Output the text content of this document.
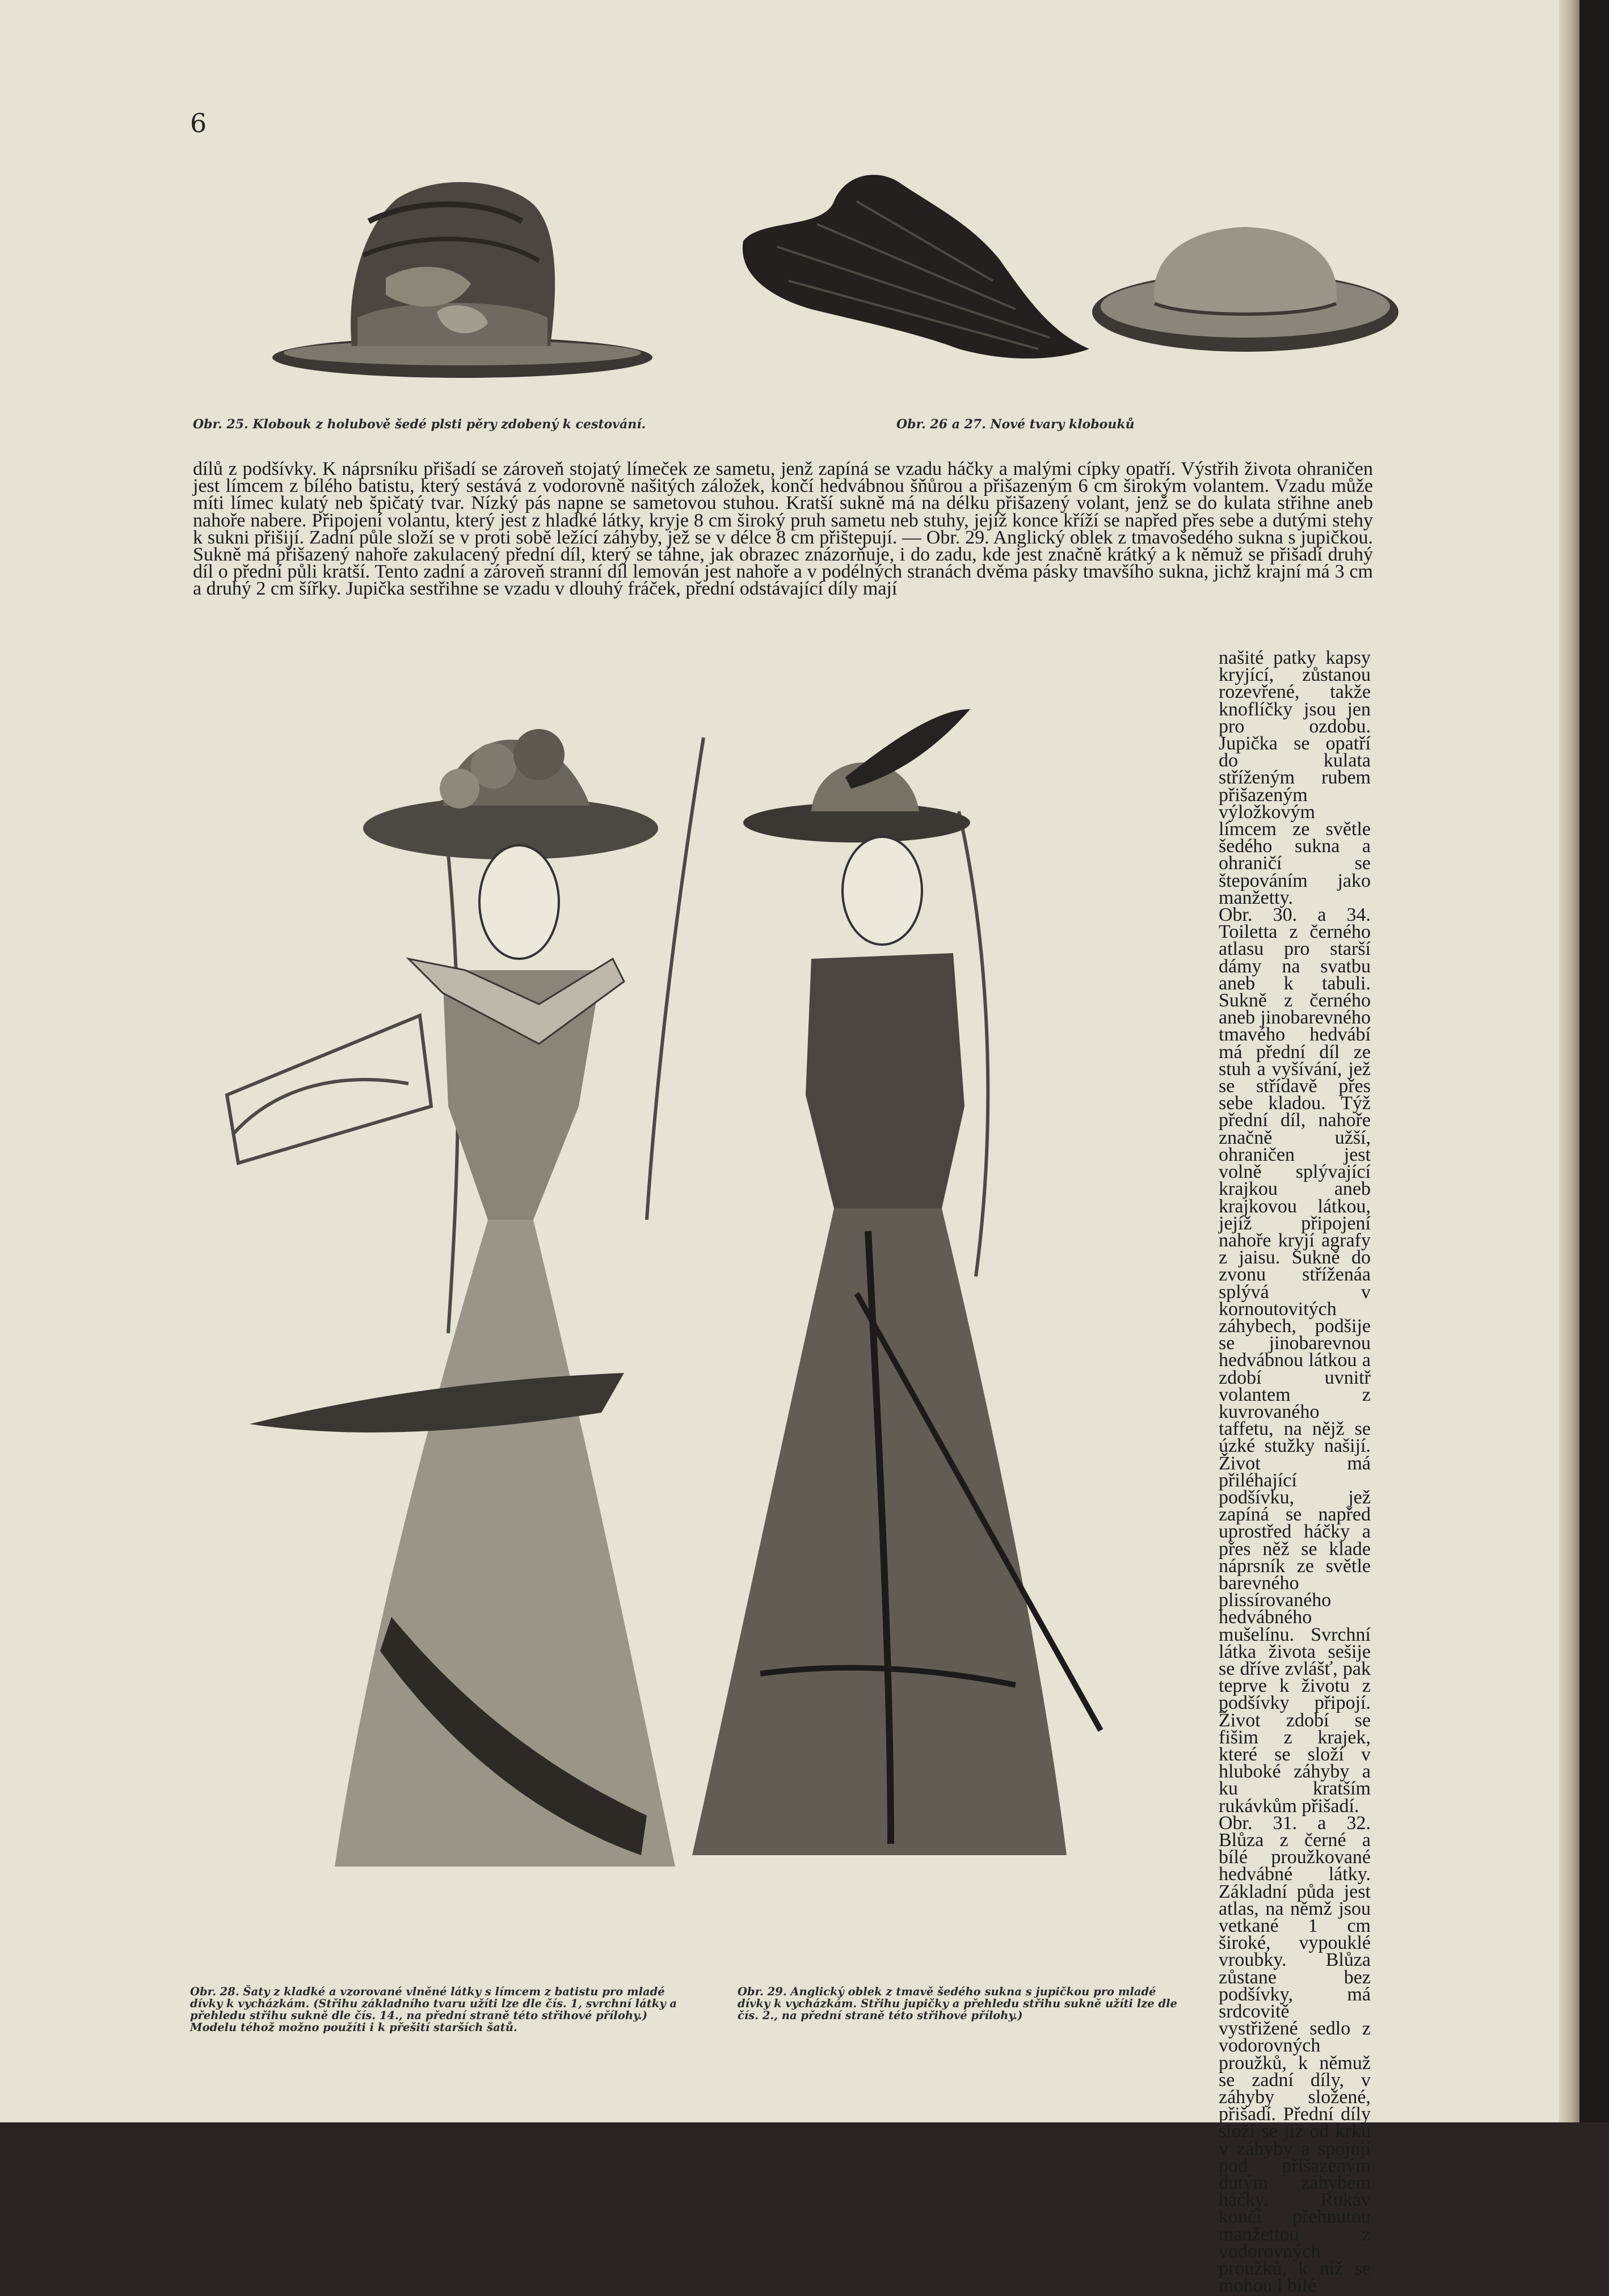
6
Obr. 25. Klobouk z holubově šedé plsti pěry zdobený k cestování.	Obr. 26 a 27. Nové tvary klobouků

dílů z podšívky. K náprsníku přišadí se zároveň stojatý límeček ze sametu, jenž zapíná se vzadu háčky a malými cípky opatří. Výstřih života ohraničen jest límcem z bílého batistu, který sestává z vodorovně našitých záložek, končí hedvábnou šňůrou a přišazeným 6 cm širokým volantem. Vzadu může míti límec kulatý neb špičatý tvar. Nízký pás napne se sametovou stuhou. Kratší sukně má na délku přišazený volant, jenž se do kulata střihne aneb nahoře nabere. Připojení volantu, který jest z hladké látky, kryje 8 cm široký pruh sametu neb stuhy, jejíž konce kříží se napřed přes sebe a dutými stehy k sukni přišijí. Zadní půle složí se v proti sobě ležící záhyby, jež se v délce 8 cm přištepují. — Obr. 29. Anglický oblek z tmavošedého sukna s jupičkou. Sukně má přišazený nahoře zakulacený přední díl, který se táhne, jak obrazec znázorňuje, i do zadu, kde jest značně krátký a k němuž se přišadí druhý díl o přední půli kratší. Tento zadní a zároveň stranní díl lemován jest nahoře a v podélných stranách dvěma pásky tmavšího sukna, jichž krajní má 3 cm a druhý 2 cm šířky. Jupička sestřihne se vzadu v dlouhý fráček, přední odstávající díly mají

našité patky kapsy kryjící, zůstanou rozevřené, takže knoflíčky jsou jen pro ozdobu. Jupička se opatří do kulata stříženým rubem přišazeným výložkovým límcem ze světle šedého sukna a ohraničí se štepováním jako manžetty.
Obr. 30. a 34. Toiletta z černého atlasu pro starší dámy na svatbu aneb k tabuli. Sukně z černého aneb jinobarevného tmavého hedvábí má přední díl ze stuh a vyšívání, jež se střídavě přes sebe kladou. Týž přední díl, nahoře značně užší, ohraničen jest volně splývající krajkou aneb krajkovou látkou, jejíž připojení nahoře kryjí agrafy z jaisu. Sukně do zvonu stříženáa splývá v kornoutovitých záhybech, podšije se jinobarevnou hedvábnou látkou a zdobí uvnitř volantem z kuvrovaného taffetu, na nějž se úzké stužky našijí. Život má přiléhající podšívku, jež zapíná se napřed uprostřed háčky a přes něž se klade náprsník ze světle barevného plissírovaného hedvábného mušelínu. Svrchní látka života sešije se dříve zvlášť, pak teprve k životu z podšívky připojí. Život zdobí se fišim z krajek, které se složí v hluboké záhyby a ku kratším rukávkům přišadí.
Obr. 31. a 32. Blůza z černé a bílé proužkované hedvábné látky. Základní půda jest atlas, na němž jsou vetkané 1 cm široké, vypouklé vroubky. Blůza zůstane bez podšívky, má srdcovitě vystřižené sedlo z vodorovných proužků, k němuž se zadní díly, v záhyby složené, přišadí. Přední díly složí se již od krku v záhyby a spojují pod přišazeným dutým záhybem háčky. Rukáv končí přehnutou manžettou z vodorovných proužků, k níž se mohou i bílé

Obr. 28. Šaty z kladké a vzorované vlněné látky s límcem z batistu pro mladé dívky k vycházkám. (Střihu základního tvaru užíti lze dle čís. 1, svrchní látky a přehledu střihu sukně dle čís. 14., na přední straně této střihové přílohy.)
Modelu téhož možno použíti i k přešití starších šatů.
Obr. 29. Anglický oblek z tmavě šedého sukna s jupičkou pro mladé dívky k vycházkám. Střihu jupičky a přehledu střihu sukně užíti lze dle čís. 2., na přední straně této střihové přílohy.)
